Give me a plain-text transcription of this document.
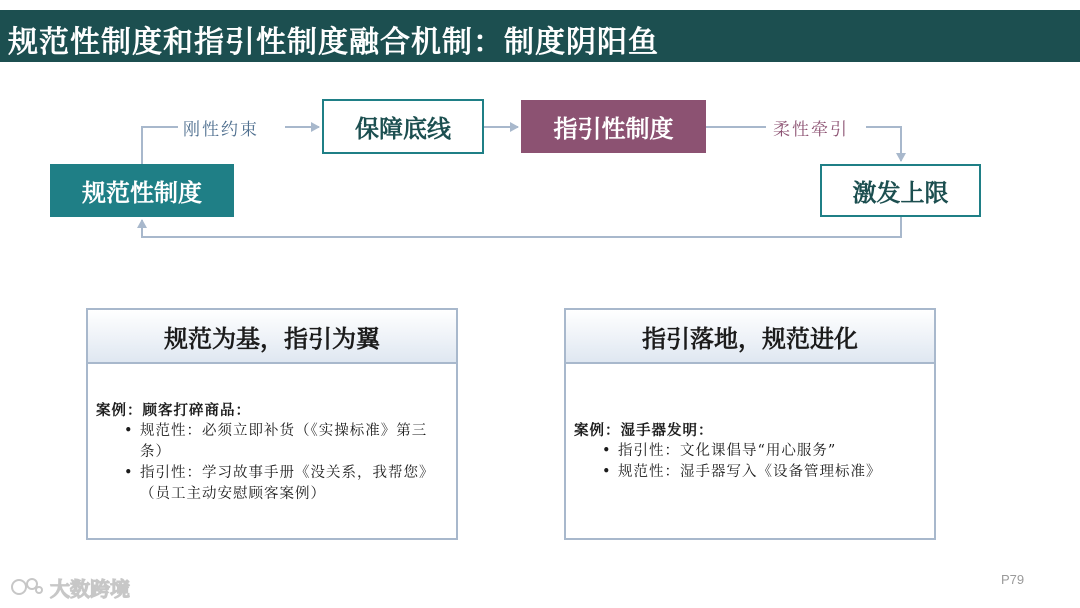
规范性制度和指引性制度融合机制：制度阴阳鱼
规范性制度
保障底线	指引性制度
激发上限
刚性约束	柔性牵引
规范为基，指引为翼
案例：顾客打碎商品：
• 规范性：必须立即补货（《实操标准》第三条）
• 指引性：学习故事手册《没关系，我帮您》（员工主动安慰顾客案例）
指引落地，规范进化
案例：湿手器发明：
• 指引性：文化课倡导“用心服务”
• 规范性：湿手器写入《设备管理标准》
大数跨境	P79
